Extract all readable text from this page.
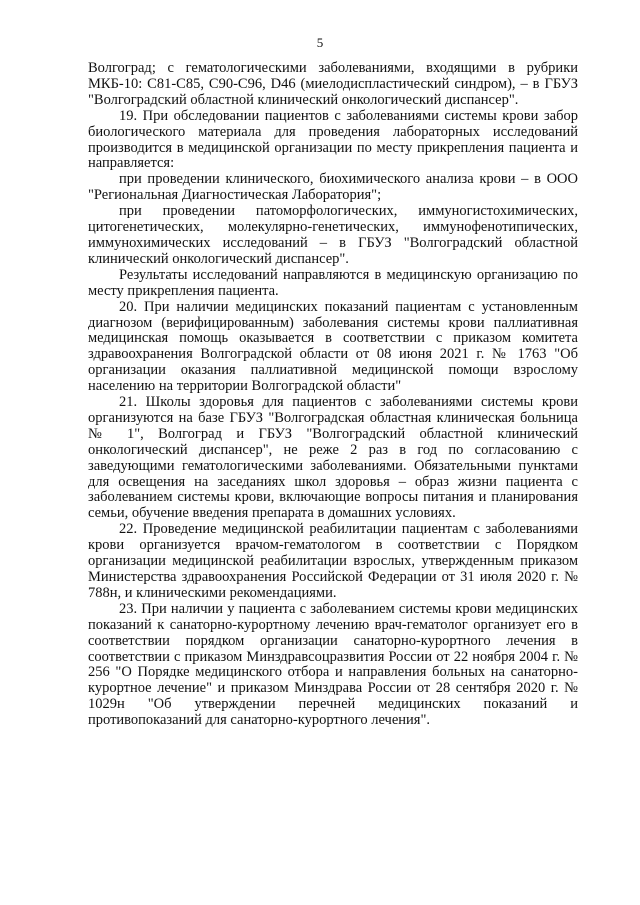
5

Волгоград; с гематологическими заболеваниями, входящими в рубрики МКБ-10: С81-С85, С90-С96, D46 (миелодиспластический синдром), – в ГБУЗ "Волгоградский областной клинический онкологический диспансер".

19. При обследовании пациентов с заболеваниями системы крови забор биологического материала для проведения лабораторных исследований производится в медицинской организации по месту прикрепления пациента и направляется:

при проведении клинического, биохимического анализа крови – в ООО "Региональная Диагностическая Лаборатория";

при проведении патоморфологических, иммуногистохимических, цитогенетических, молекулярно-генетических, иммунофенотипических, иммунохимических исследований – в ГБУЗ "Волгоградский областной клинический онкологический диспансер".

Результаты исследований направляются в медицинскую организацию по месту прикрепления пациента.

20. При наличии медицинских показаний пациентам с установленным диагнозом (верифицированным) заболевания системы крови паллиативная медицинская помощь оказывается в соответствии с приказом комитета здравоохранения Волгоградской области от 08 июня 2021 г. № 1763 "Об организации оказания паллиативной медицинской помощи взрослому населению на территории Волгоградской области"

21. Школы здоровья для пациентов с заболеваниями системы крови организуются на базе ГБУЗ "Волгоградская областная клиническая больница № 1", Волгоград и ГБУЗ "Волгоградский областной клинический онкологический диспансер", не реже 2 раз в год по согласованию с заведующими гематологическими заболеваниями. Обязательными пунктами для освещения на заседаниях школ здоровья – образ жизни пациента с заболеванием системы крови, включающие вопросы питания и планирования семьи, обучение введения препарата в домашних условиях.

22. Проведение медицинской реабилитации пациентам с заболеваниями крови организуется врачом-гематологом в соответствии с Порядком организации медицинской реабилитации взрослых, утвержденным приказом Министерства здравоохранения Российской Федерации от 31 июля 2020 г. № 788н, и клиническими рекомендациями.

23. При наличии у пациента с заболеванием системы крови медицинских показаний к санаторно-курортному лечению врач-гематолог организует его в соответствии порядком организации санаторно-курортного лечения в соответствии с приказом Минздравсоцразвития России от 22 ноября 2004 г. № 256 "О Порядке медицинского отбора и направления больных на санаторно-курортное лечение" и приказом Минздрава России от 28 сентября 2020 г. № 1029н "Об утверждении перечней медицинских показаний и противопоказаний для санаторно-курортного лечения".
